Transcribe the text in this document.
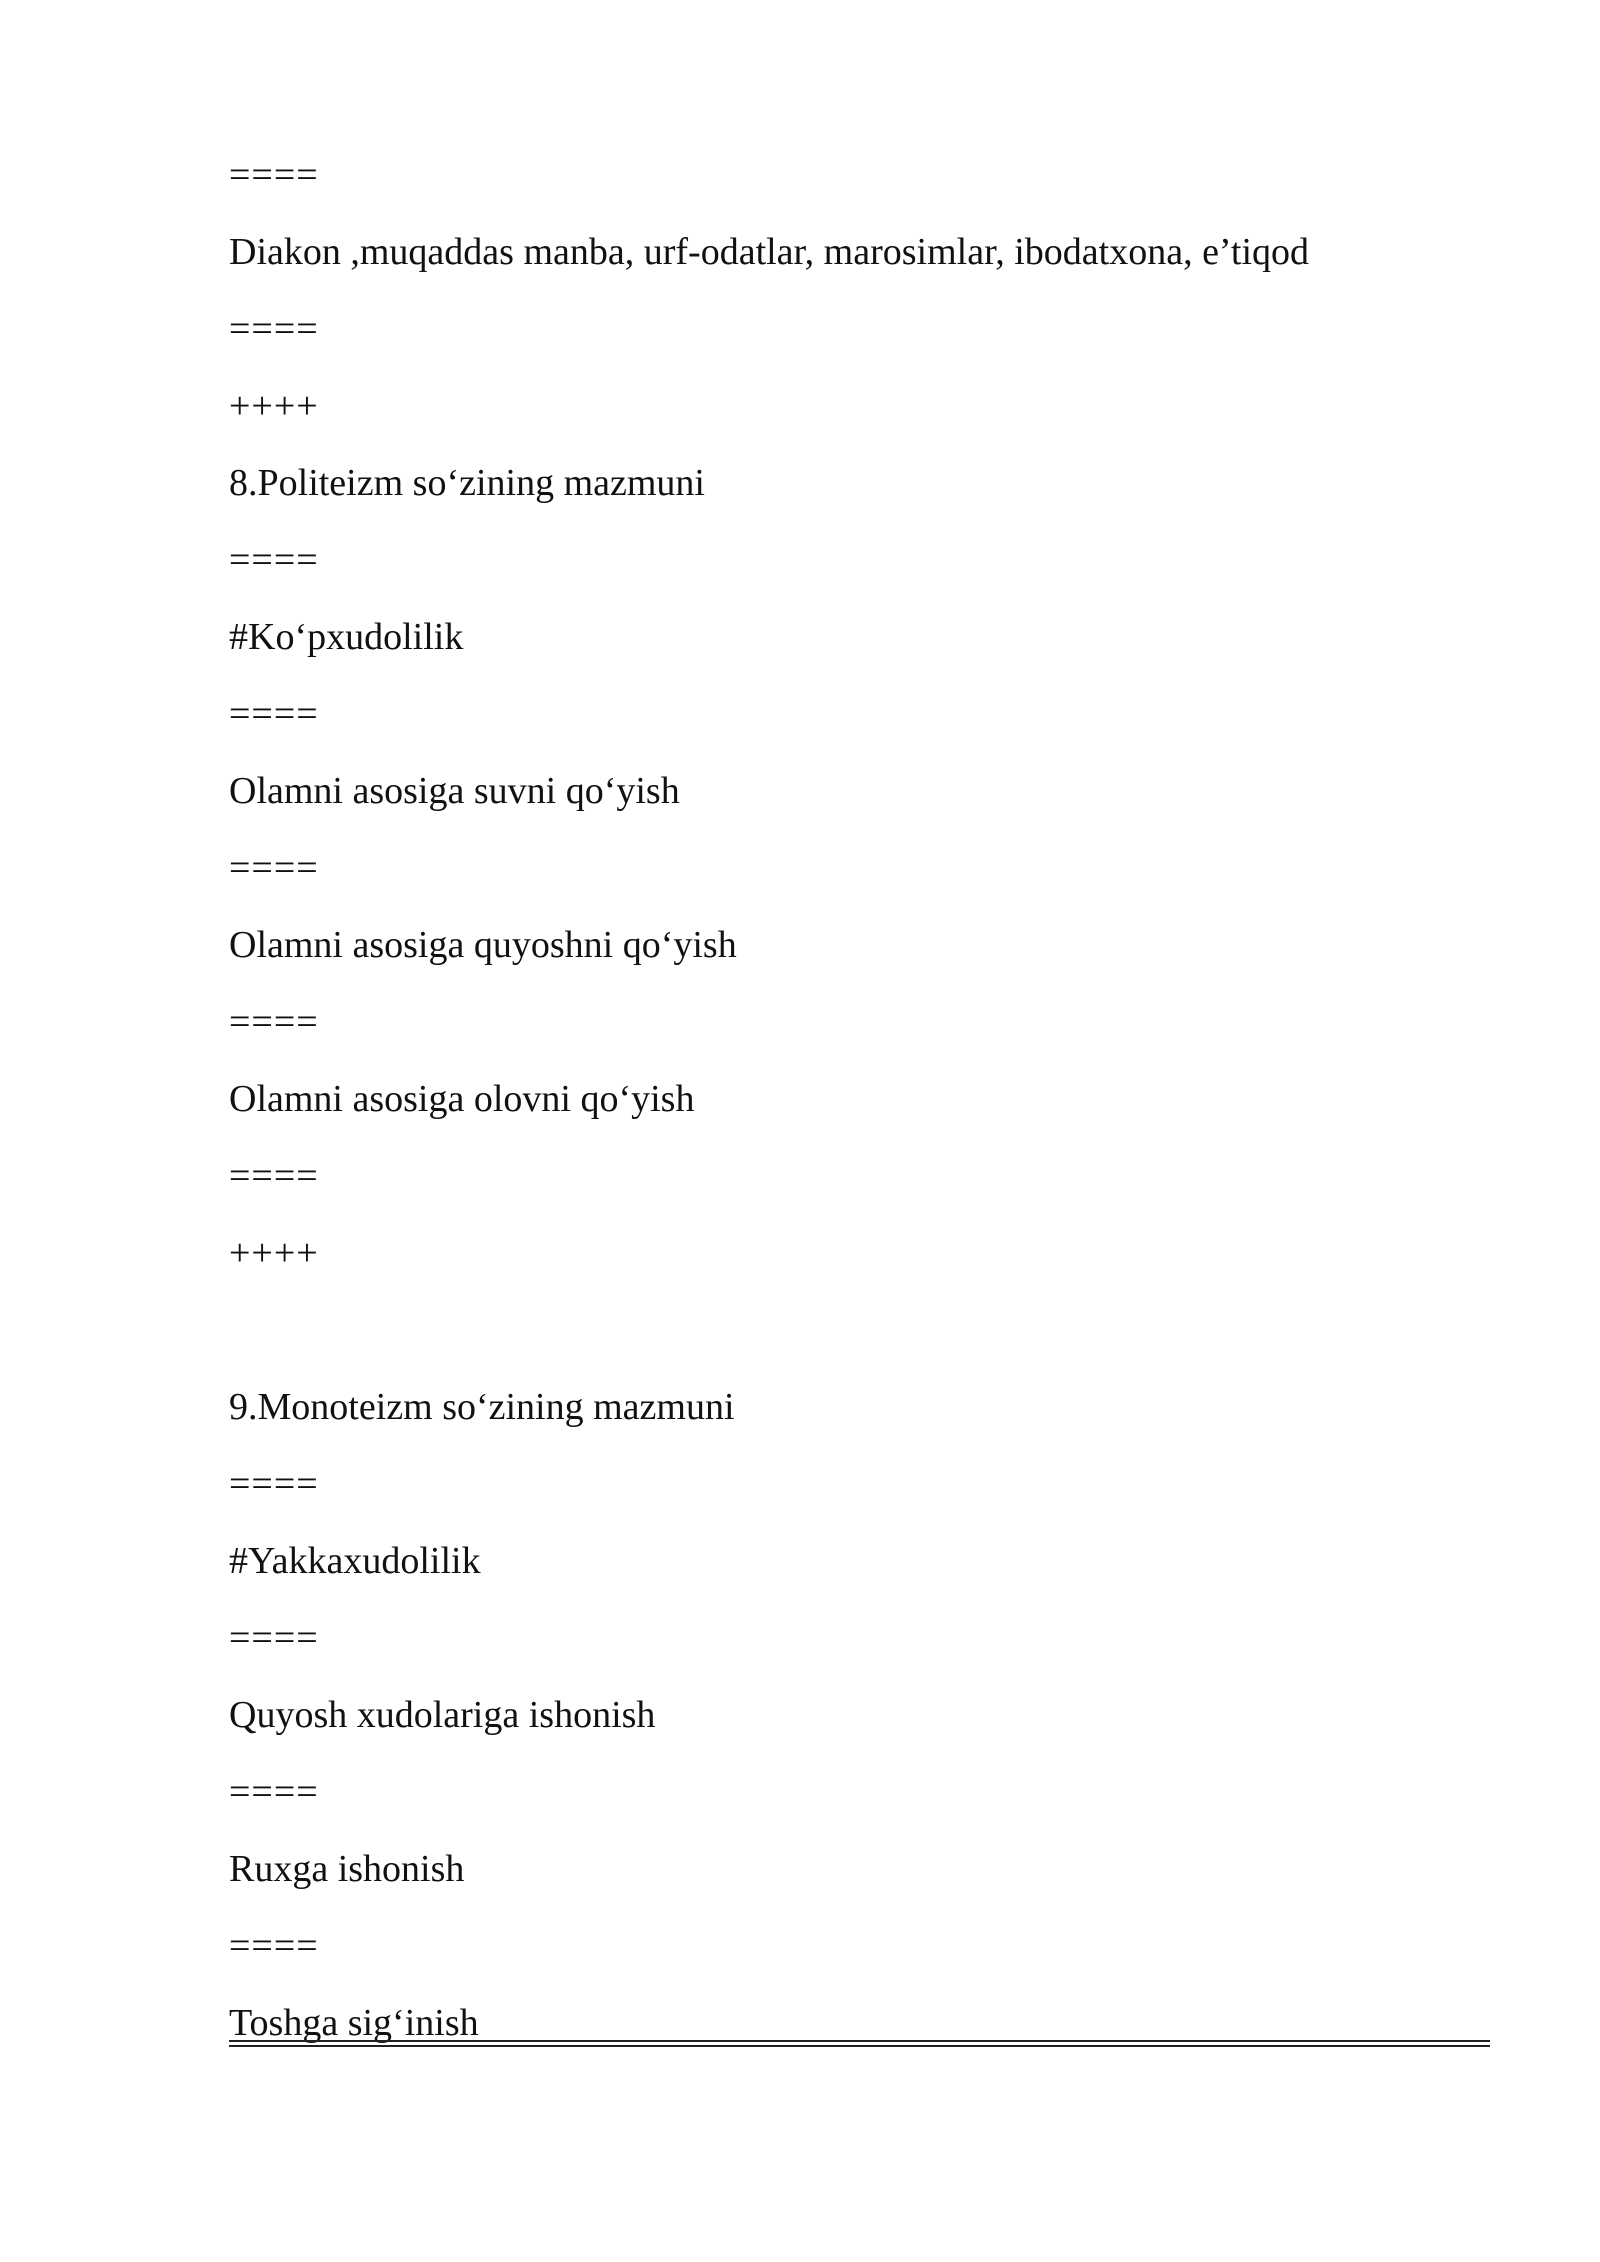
====
Diakon ,muqaddas manba, urf-odatlar, marosimlar, ibodatxona, e’tiqod
====
++++
8.Politeizm so‘zining mazmuni
====
#Ko‘pxudolilik
====
Olamni asosiga suvni qo‘yish
====
Olamni asosiga quyoshni qo‘yish
====
Olamni asosiga olovni qo‘yish
====
++++
9.Monoteizm so‘zining mazmuni
====
#Yakkaxudolilik
====
Quyosh xudolariga ishonish
====
Ruxga ishonish
====
Toshga sig‘inish
